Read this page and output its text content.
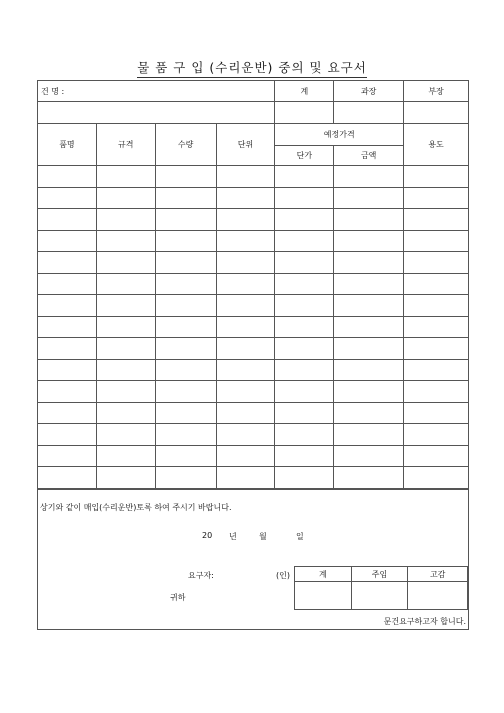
물 품 구 입 (수리운반) 중의 및 요구서
건 명 :				계	과장	부장

품명	규격	수량	단위	예정가격		용도
				단가	금액	

상기와 같이 매입(수리운반)토록 하여 주시기 바랍니다.
20 년	월	일
요구자:	(인)
귀하
문건요구하고자 합니다.
계	주임	고감
